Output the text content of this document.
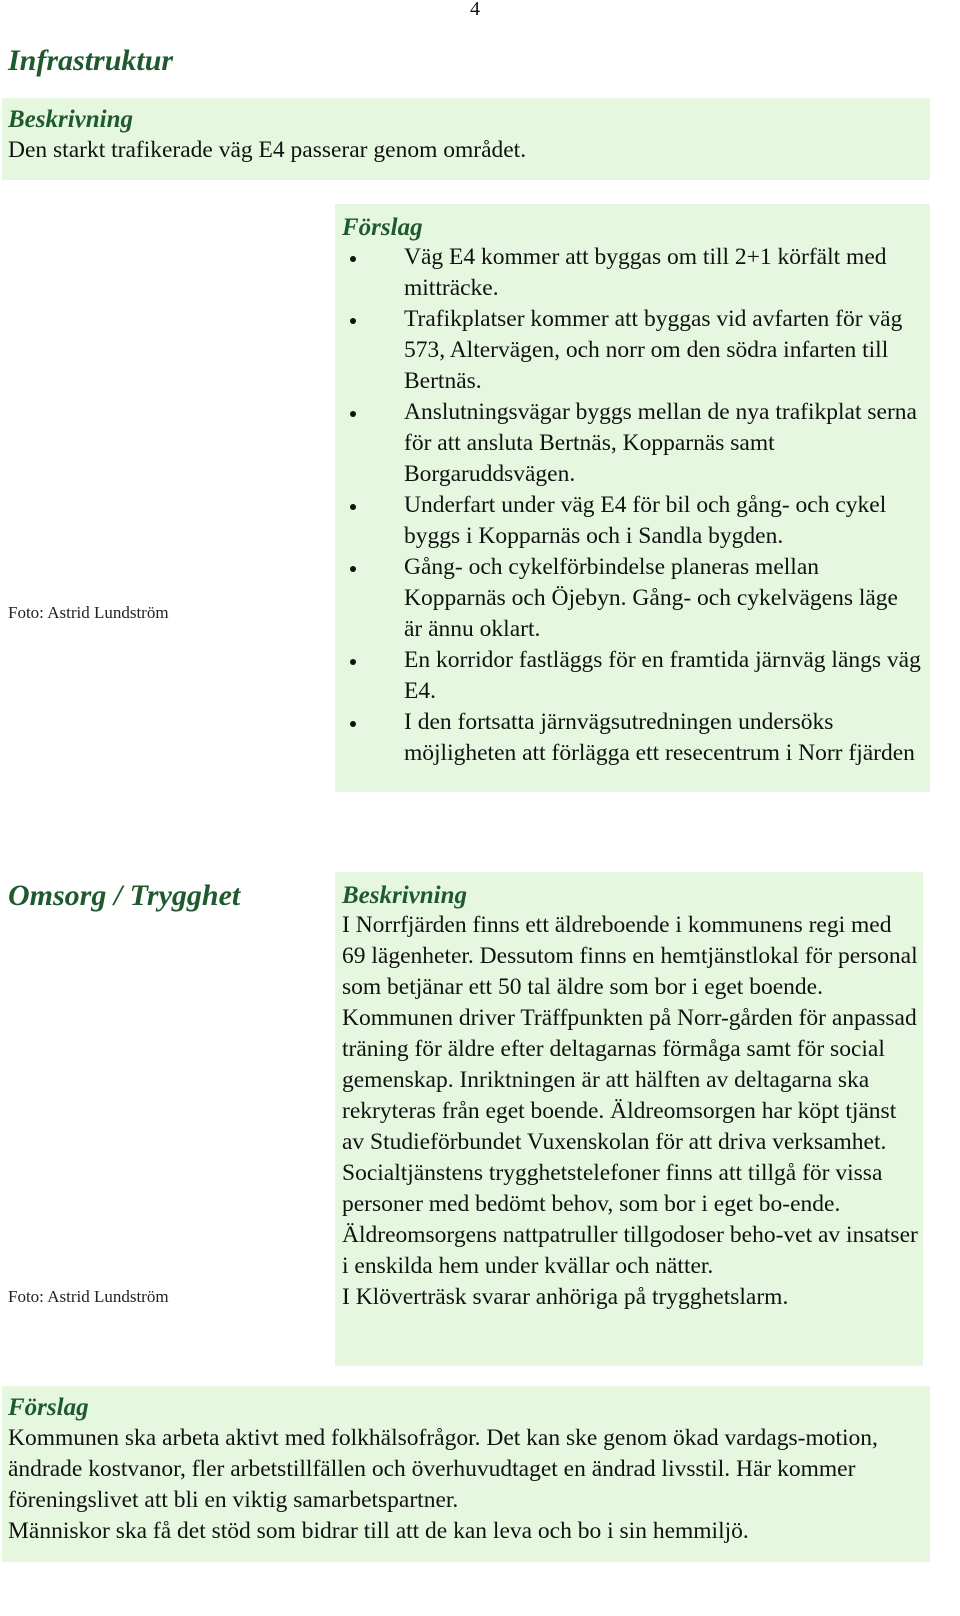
4
Infrastruktur
Beskrivning
Den starkt trafikerade väg E4 passerar genom området.
Foto: Astrid Lundström
Förslag
Väg E4 kommer att byggas om till 2+1 körfält med mitträcke.
Trafikplatser kommer att byggas vid avfarten för väg 573, Altervägen, och norr om den södra infarten till Bertnäs.
Anslutningsvägar byggs mellan de nya trafikplat serna för att ansluta Bertnäs, Kopparnäs samt Borgaruddsvägen.
Underfart under väg E4 för bil och gång- och cykel byggs i Kopparnäs och i Sandla bygden.
Gång- och cykelförbindelse planeras mellan Kopparnäs och Öjebyn. Gång- och cykelvägens läge är ännu oklart.
En korridor fastläggs för en framtida järnväg längs väg E4.
I den fortsatta järnvägsutredningen undersöks möjligheten att förlägga ett resecentrum i Norr fjärden
Omsorg / Trygghet
Foto: Astrid Lundström
Beskrivning

I Norrfjärden finns ett äldreboende i kommunens regi med 69 lägenheter. Dessutom finns en hemtjänstlokal för personal som betjänar ett 50 tal äldre som bor i eget boende. Kommunen driver Träffpunkten på Norr-gården för anpassad träning för äldre efter deltagarnas förmåga samt för social gemenskap. Inriktningen är att hälften av deltagarna ska rekryteras från eget boende. Äldreomsorgen har köpt tjänst av Studieförbundet Vuxenskolan för att driva verksamhet.

Socialtjänstens trygghetstelefoner finns att tillgå för vissa personer med bedömt behov, som bor i eget bo-ende. Äldreomsorgens nattpatruller tillgodoser beho-vet av insatser i enskilda hem under kvällar och nätter.

I Klöverträsk svarar anhöriga på trygghetslarm.

Förslag

Kommunen ska arbeta aktivt med folkhälsofrågor. Det kan ske genom ökad vardags-motion, ändrade kostvanor, fler arbetstillfällen och överhuvudtaget en ändrad livsstil. Här kommer föreningslivet att bli en viktig samarbetspartner.

Människor ska få det stöd som bidrar till att de kan leva och bo i sin hemmiljö.
